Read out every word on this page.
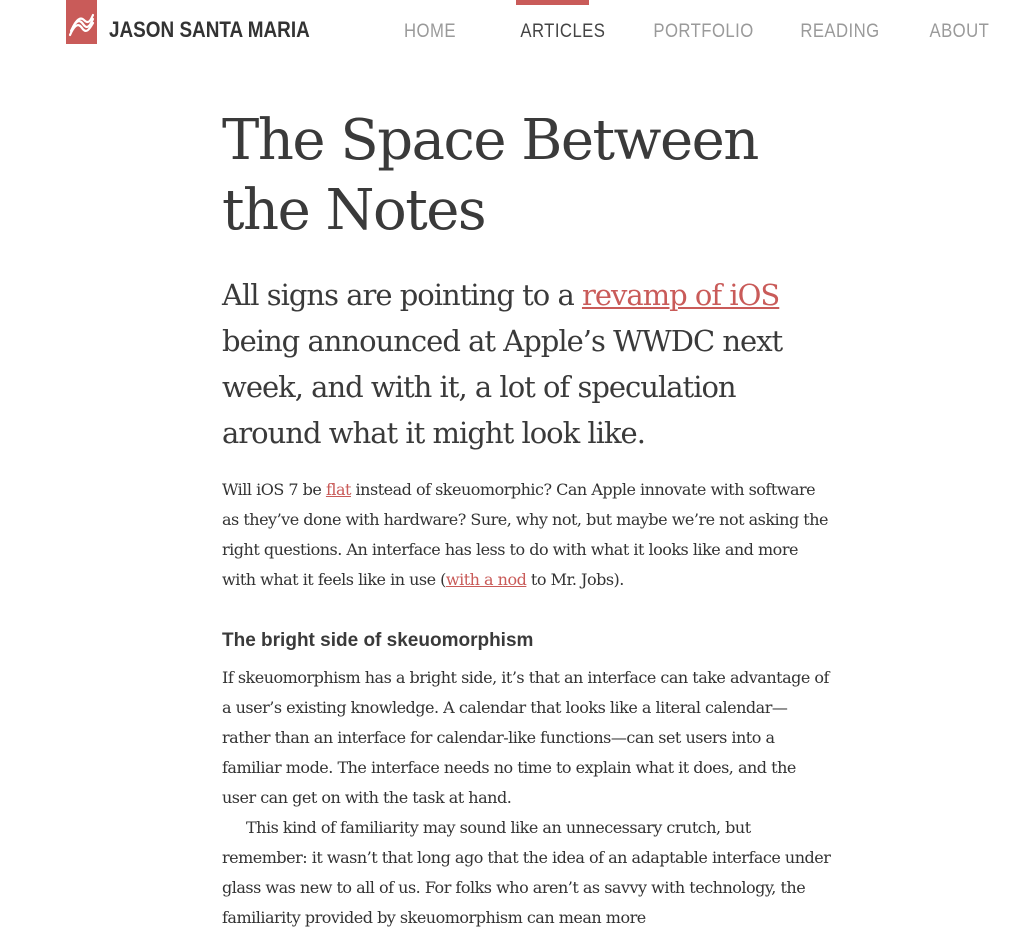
JASON SANTA MARIA	HOME	ARTICLES	PORTFOLIO READING	ABOUT
The Space Between
the Notes

All signs are pointing to a revamp of iOS being announced at Apple’s WWDC next week, and with it, a lot of speculation around what it might look like.

Will iOS 7 be flat instead of skeuomorphic? Can Apple innovate with software as they’ve done with hardware? Sure, why not, but maybe we’re not asking the right questions. An interface has less to do with what it looks like and more with what it feels like in use (with a nod to Mr. Jobs).

The bright side of skeuomorphism

If skeuomorphism has a bright side, it’s that an interface can take advantage of a user’s existing knowledge. A calendar that looks like a literal calendar—rather than an interface for calendar-like functions—can set users into a familiar mode. The interface needs no time to explain what it does, and the user can get on with the task at hand.

This kind of familiarity may sound like an unnecessary crutch, but remember: it wasn’t that long ago that the idea of an adaptable interface under glass was new to all of us. For folks who aren’t as savvy with technology, the familiarity provided by skeuomorphism can mean more
